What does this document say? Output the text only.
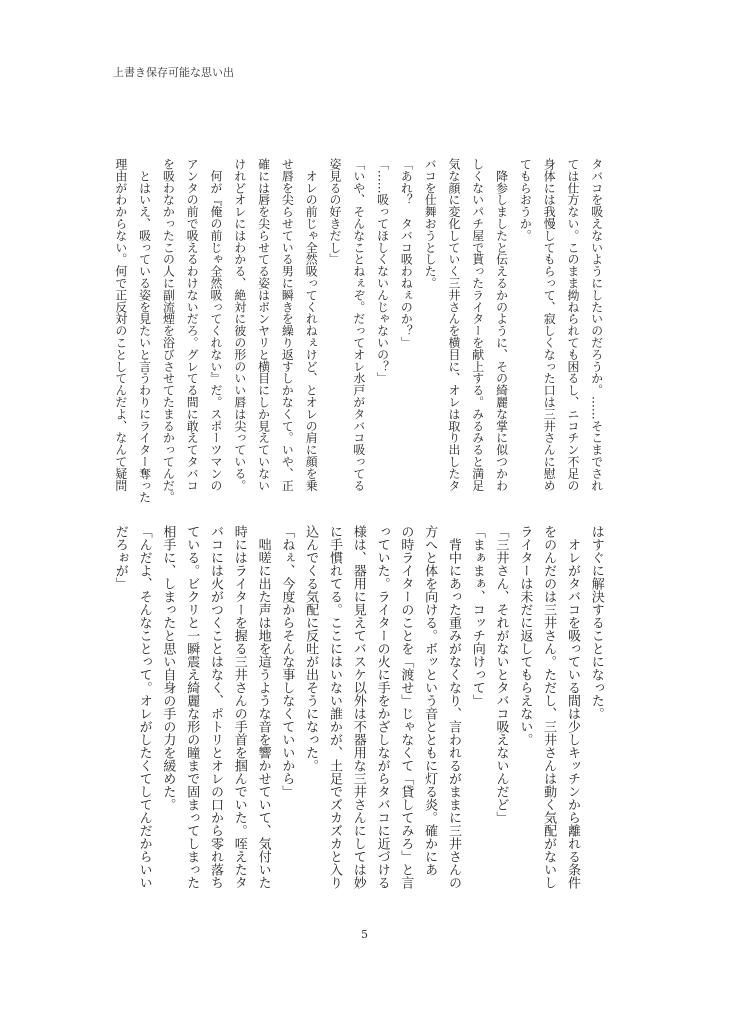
上書き保存可能な思い出
タバコを吸えないようにしたいのだろうか。……そこまでされ
ては仕方ない。このまま拗ねられても困るし、ニコチン不足の
身体には我慢してもらって、寂しくなった口は三井さんに慰め
てもらおうか。
　降参しましたと伝えるかのように、その綺麗な掌に似つかわ
しくないパチ屋で貰ったライターを献上する。みるみると満足
気な顔に変化していく三井さんを横目に、オレは取り出したタ
バコを仕舞おうとした。
「あれ？　タバコ吸わねぇのか？」
「……吸ってほしくないんじゃないの？」
「いや、そんなことねぇぞ。だってオレ水戸がタバコ吸ってる
姿見るの好きだし」
　オレの前じゃ全然吸ってくれねぇけど、とオレの肩に顔を乗
せ唇を尖らせている男に瞬きを繰り返すしかなくて。いや、正
確には唇を尖らせてる姿はボンヤリと横目にしか見えていない
けれどオレにはわかる、絶対に彼の形のいい唇は尖っている。
　何が『俺の前じゃ全然吸ってくれない』だ。スポーツマンの
アンタの前で吸えるわけないだろ。グレてる間に敢えてタバコ
を吸わなかったこの人に副流煙を浴びさせてたまるかってんだ。
　とはいえ、吸っている姿を見たいと言うわりにライター奪った
理由がわからない。何で正反対のことしてんだよ、なんて疑問
はすぐに解決することになった。
　オレがタバコを吸っている間は少しキッチンから離れる条件
をのんだのは三井さん。ただし、三井さんは動く気配がないし
ライターは未だに返してもらえない。
「三井さん、それがないとタバコ吸えないんだど」
「まぁまぁ、コッチ向けって」
　背中にあった重みがなくなり、言われるがままに三井さんの
方へと体を向ける。ボッという音とともに灯る炎。確かにあ
の時ライターのことを「渡せ」じゃなくて「貸してみろ」と言
っていた。ライターの火に手をかざしながらタバコに近づける
様は、器用に見えてバスケ以外は不器用な三井さんにしては妙
に手慣れてる。ここにはいない誰かが、土足でズカズカと入り
込んでくる気配に反吐が出そうになった。
「ねぇ、今度からそんな事しなくていいから」
　咄嗟に出た声は地を這うような音を響かせていて、気付いた
時にはライターを握る三井さんの手首を掴んでいた。咥えたタ
バコには火がつくことはなく、ポトリとオレの口から零れ落ち
ている。ビクリと一瞬震え綺麗な形の瞳まで固まってしまった
相手に、しまったと思い自身の手の力を緩めた。
「んだよ、そんなことって。オレがしたくてしてんだからいい
だろぉが」
5
